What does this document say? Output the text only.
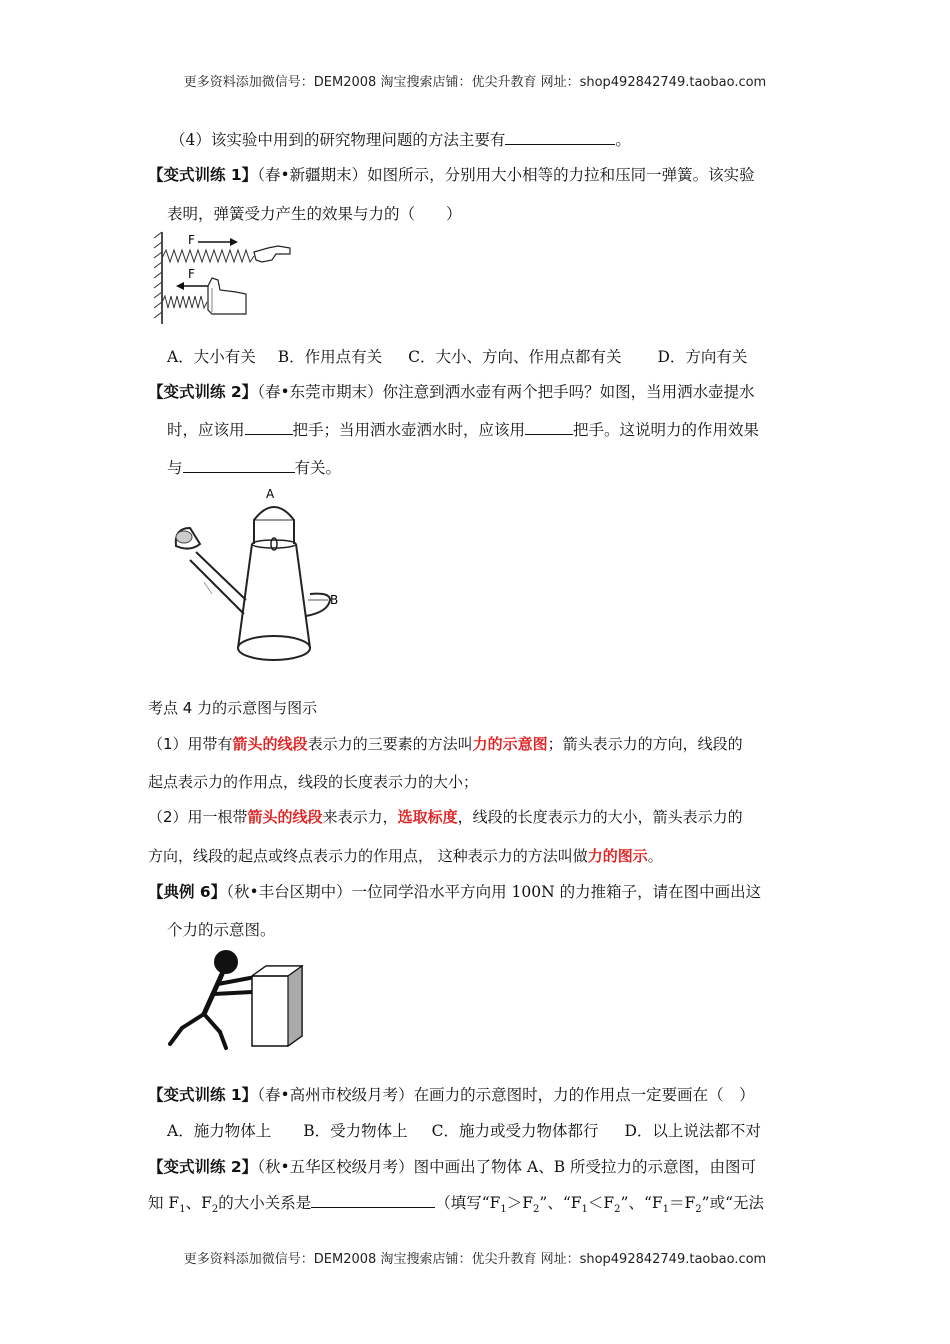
更多资料添加微信号：DEM2008 淘宝搜索店铺：优尖升教育 网址：shop492842749.taobao.com
（4）该实验中用到的研究物理问题的方法主要有	。
【变式训练 1】（春•新疆期末）如图所示，分别用大小相等的力拉和压同一弹簧。该实验
表明，弹簧受力产生的效果与力的（　　）
F
F
A．大小有关 B．作用点有关 C．大小、方向、作用点都有关 D．方向有关
【变式训练 2】（春•东莞市期末）你注意到洒水壶有两个把手吗？如图，当用洒水壶提水
时，应该用	把手；当用洒水壶洒水时，应该用	把手。这说明力的作用效果
与	有关。
A
B
考点 4 力的示意图与图示
（1）用带有箭头的线段表示力的三要素的方法叫力的示意图；箭头表示力的方向，线段的
起点表示力的作用点，线段的长度表示力的大小；
（2）用一根带箭头的线段来表示力，选取标度，线段的长度表示力的大小，箭头表示力的
方向，线段的起点或终点表示力的作用点， 这种表示力的方法叫做力的图示。
【典例 6】（秋•丰台区期中）一位同学沿水平方向用 100N 的力推箱子，请在图中画出这
个力的示意图。
【变式训练 1】（春•高州市校级月考）在画力的示意图时，力的作用点一定要画在（　）
A．施力物体上 B．受力物体上 C．施力或受力物体都行 D．以上说法都不对
【变式训练 2】（秋•五华区校级月考）图中画出了物体 A、B 所受拉力的示意图，由图可
知 $F_1$、$F_2$的大小关系是	（填写“$F_1>F_2$”、“$F_1<F_2$”、“$F_1=F_2$”或“无法
更多资料添加微信号：DEM2008 淘宝搜索店铺：优尖升教育 网址：shop492842749.taobao.com
